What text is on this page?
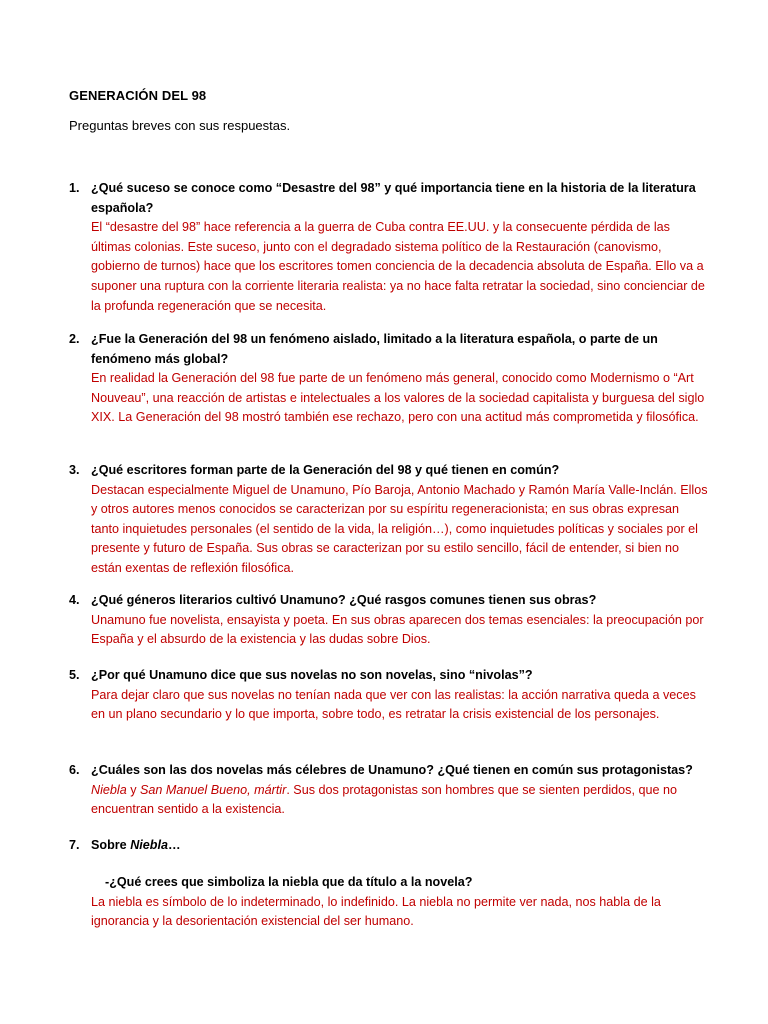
GENERACIÓN DEL 98
Preguntas breves con sus respuestas.
1. ¿Qué suceso se conoce como “Desastre del 98” y qué importancia tiene en la historia de la literatura española?
El “desastre del 98” hace referencia a la guerra de Cuba contra EE.UU. y la consecuente pérdida de las últimas colonias. Este suceso, junto con el degradado sistema político de la Restauración (canovismo, gobierno de turnos) hace que los escritores tomen conciencia de la decadencia absoluta de España. Ello va a suponer una ruptura con la corriente literaria realista: ya no hace falta retratar la sociedad, sino concienciar de la profunda regeneración que se necesita.
2. ¿Fue la Generación del 98 un fenómeno aislado, limitado a la literatura española, o parte de un fenómeno más global?
En realidad la Generación del 98 fue parte de un fenómeno más general, conocido como Modernismo o “Art Nouveau”, una reacción de artistas e intelectuales a los valores de la sociedad capitalista y burguesa del siglo XIX. La Generación del 98 mostró también ese rechazo, pero con una actitud más comprometida y filosófica.
3. ¿Qué escritores forman parte de la Generación del 98 y qué tienen en común?
Destacan especialmente Miguel de Unamuno, Pío Baroja, Antonio Machado y Ramón María Valle-Inclán. Ellos y otros autores menos conocidos se caracterizan por su espíritu regeneracionista; en sus obras expresan tanto inquietudes personales (el sentido de la vida, la religión…), como inquietudes políticas y sociales por el presente y futuro de España. Sus obras se caracterizan por su estilo sencillo, fácil de entender, si bien no están exentas de reflexión filosófica.
4. ¿Qué géneros literarios cultivó Unamuno? ¿Qué rasgos comunes tienen sus obras?
Unamuno fue novelista, ensayista y poeta. En sus obras aparecen dos temas esenciales: la preocupación por España y el absurdo de la existencia y las dudas sobre Dios.
5. ¿Por qué Unamuno dice que sus novelas no son novelas, sino “nivolas”?
Para dejar claro que sus novelas no tenían nada que ver con las realistas: la acción narrativa queda a veces en un plano secundario y lo que importa, sobre todo, es retratar la crisis existencial de los personajes.
6. ¿Cuáles son las dos novelas más célebres de Unamuno? ¿Qué tienen en común sus protagonistas?
Niebla y San Manuel Bueno, mártir. Sus dos protagonistas son hombres que se sienten perdidos, que no encuentran sentido a la existencia.
7. Sobre Niebla…
-¿Qué crees que simboliza la niebla que da título a la novela?
La niebla es símbolo de lo indeterminado, lo indefinido. La niebla no permite ver nada, nos habla de la ignorancia y la desorientación existencial del ser humano.
